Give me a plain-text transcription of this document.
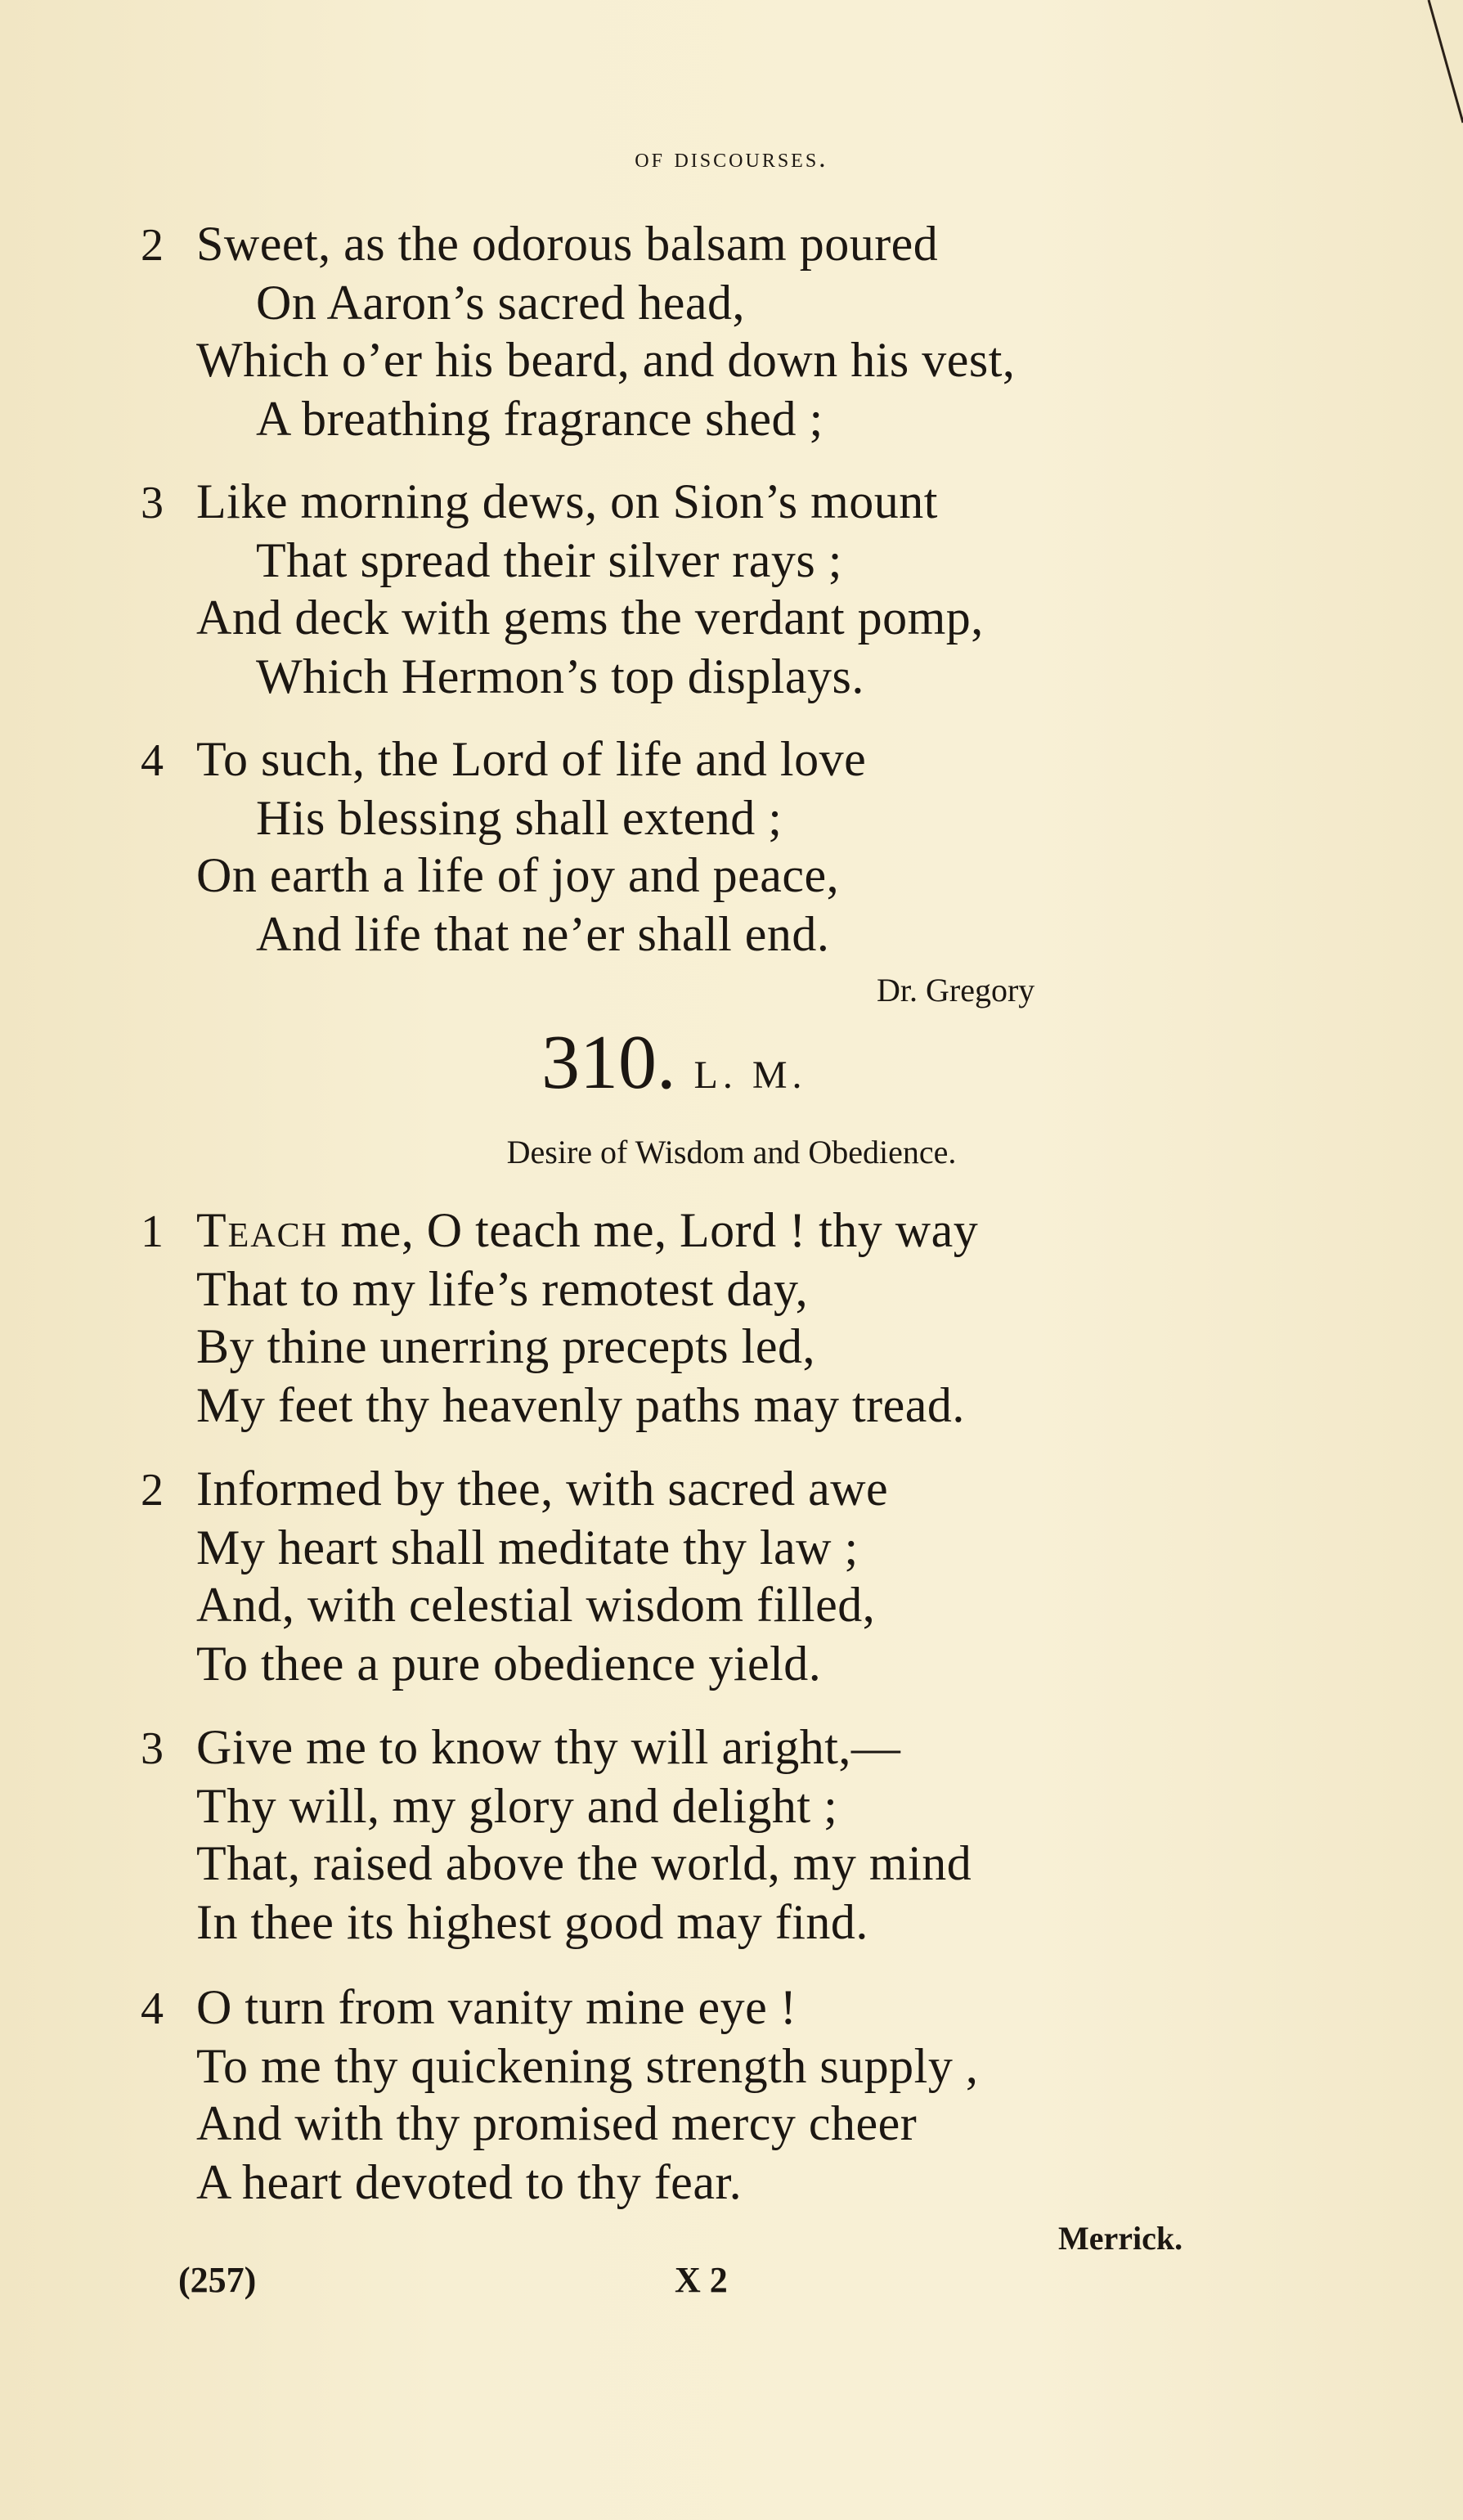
of discourses.
2 Sweet, as the odorous balsam poured
On Aaron’s sacred head,
Which o’er his beard, and down his vest,
A breathing fragrance shed ;
3 Like morning dews, on Sion’s mount
That spread their silver rays ;
And deck with gems the verdant pomp,
Which Hermon’s top displays.
4 To such, the Lord of life and love
His blessing shall extend ;
On earth a life of joy and peace,
And life that ne’er shall end.
Dr. Gregory
310. L. M.
Desire of Wisdom and Obedience.
1 Teach me, O teach me, Lord ! thy way
That to my life’s remotest day,
By thine unerring precepts led,
My feet thy heavenly paths may tread.
2 Informed by thee, with sacred awe
My heart shall meditate thy law ;
And, with celestial wisdom filled,
To thee a pure obedience yield.
3 Give me to know thy will aright,—
Thy will, my glory and delight ;
That, raised above the world, my mind
In thee its highest good may find.
4 O turn from vanity mine eye !
To me thy quickening strength supply ,
And with thy promised mercy cheer
A heart devoted to thy fear.
Merrick.
(257)	X 2
